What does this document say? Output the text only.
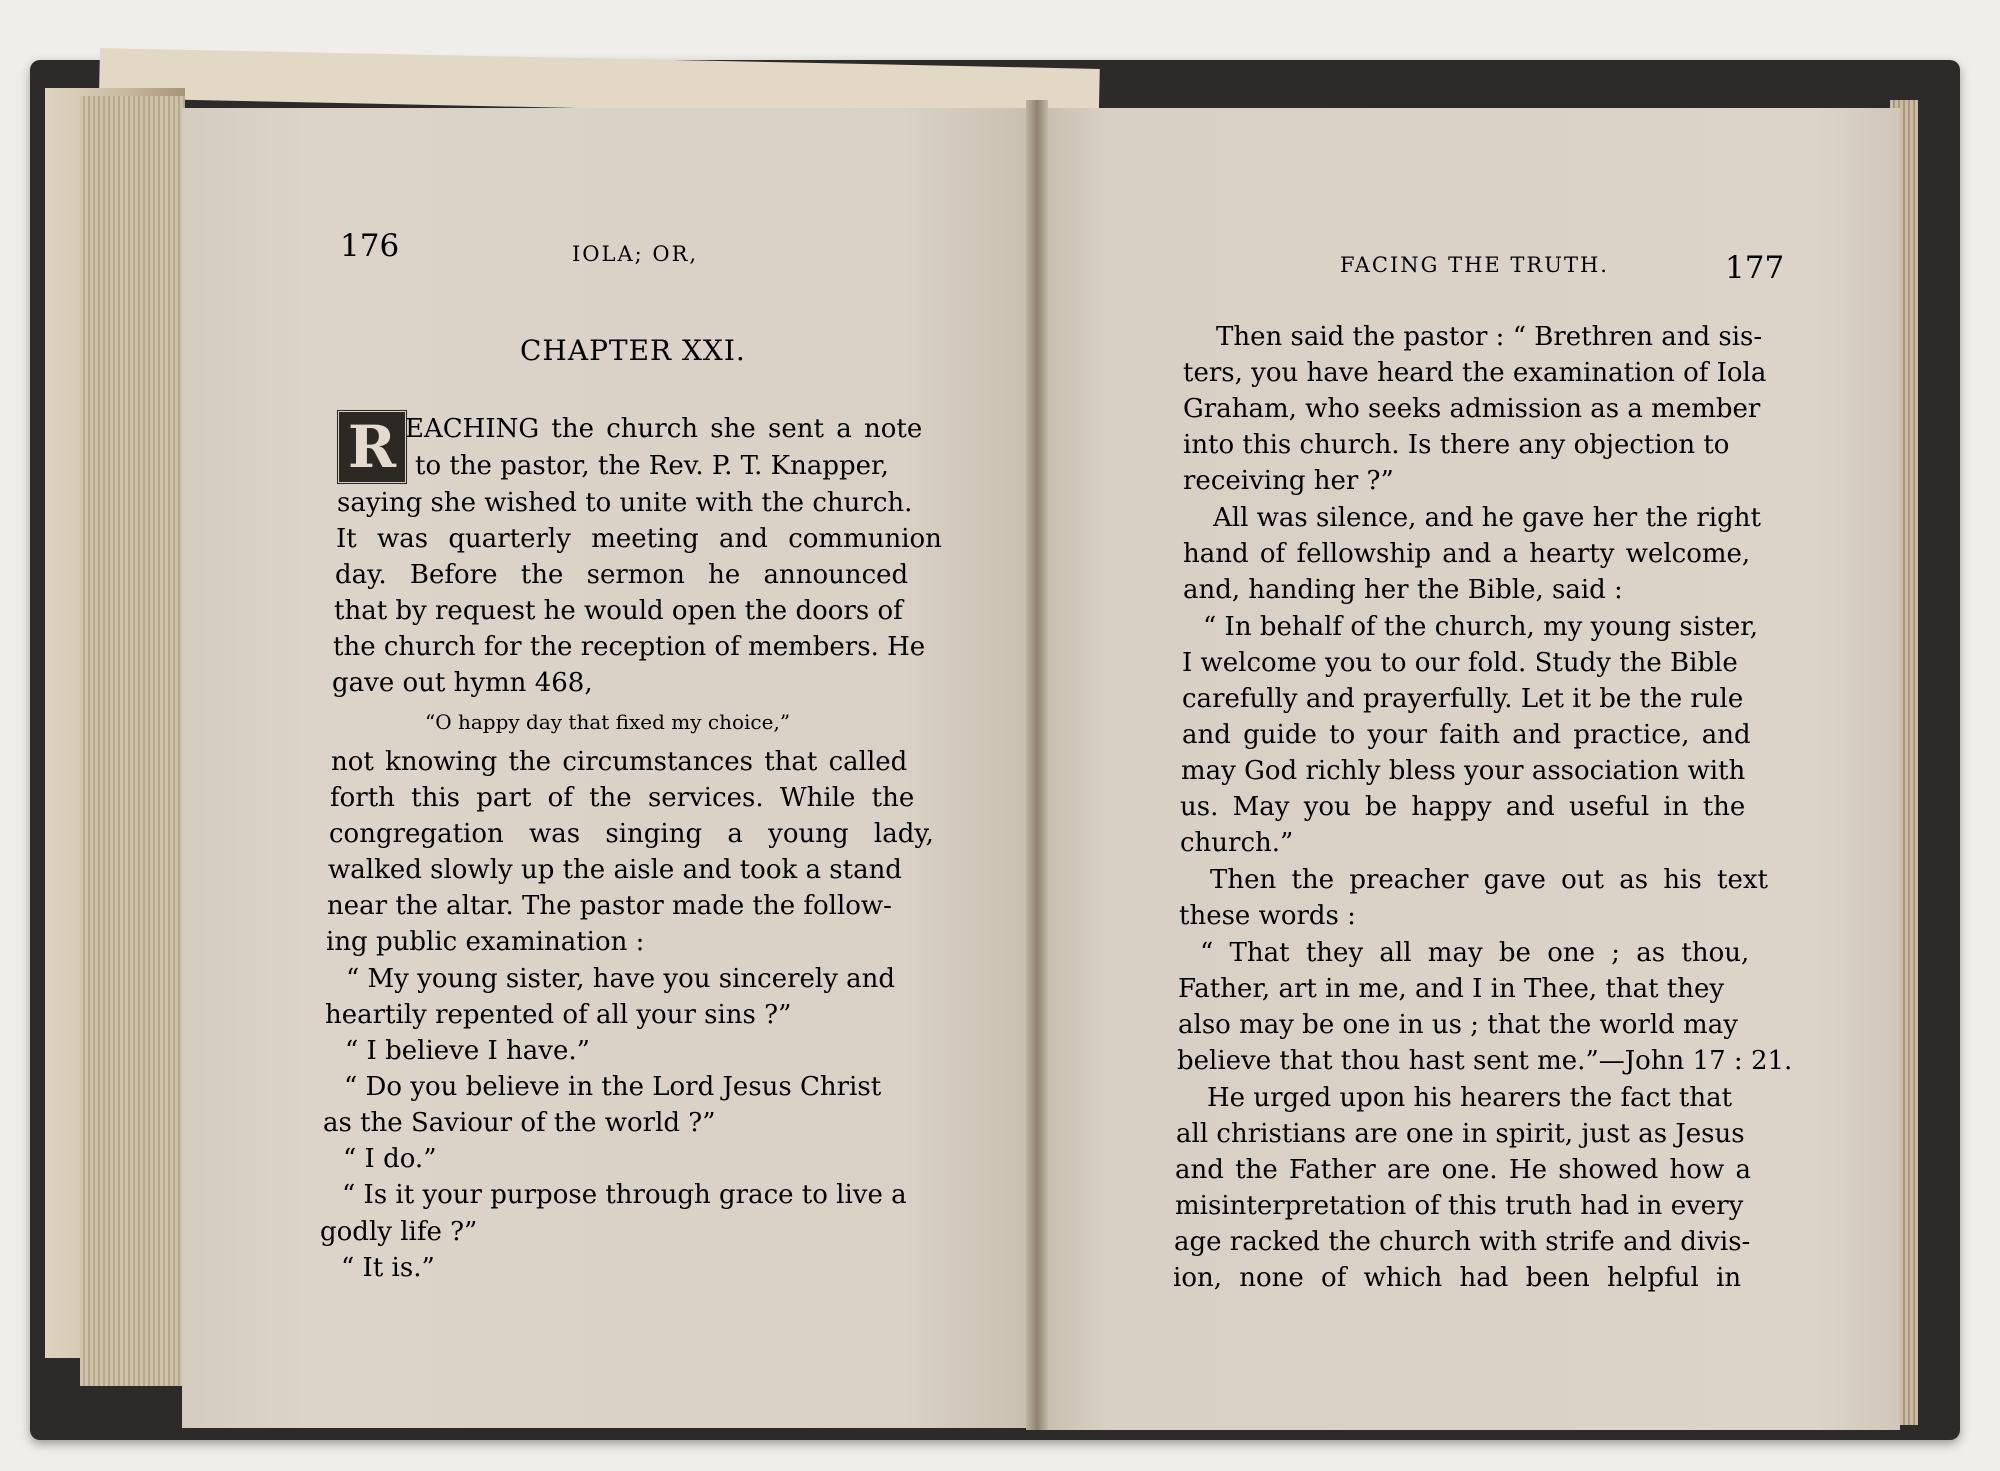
176	IOLA; OR,
CHAPTER XXI.
R EACHING the church she sent a note
to the pastor, the Rev. P. T. Knapper,
saying she wished to unite with the church.
It was quarterly meeting and communion
day. Before the sermon he announced
that by request he would open the doors of
the church for the reception of members. He
gave out hymn 468,
“O happy day that fixed my choice,”
not knowing the circumstances that called
forth this part of the services. While the
congregation was singing a young lady,
walked slowly up the aisle and took a stand
near the altar. The pastor made the follow-
ing public examination :
“ My young sister, have you sincerely and
heartily repented of all your sins ?”
“ I believe I have.”
“ Do you believe in the Lord Jesus Christ
as the Saviour of the world ?”
“ I do.”
“ Is it your purpose through grace to live a
godly life ?”
“ It is.”
FACING THE TRUTH.	177
Then said the pastor : “ Brethren and sis-
ters, you have heard the examination of Iola
Graham, who seeks admission as a member
into this church. Is there any objection to
receiving her ?”
All was silence, and he gave her the right
hand of fellowship and a hearty welcome,
and, handing her the Bible, said :
“ In behalf of the church, my young sister,
I welcome you to our fold. Study the Bible
carefully and prayerfully. Let it be the rule
and guide to your faith and practice, and
may God richly bless your association with
us. May you be happy and useful in the
church.”
Then the preacher gave out as his text
these words :
“ That they all may be one ; as thou,
Father, art in me, and I in Thee, that they
also may be one in us ; that the world may
believe that thou hast sent me.”—John 17 : 21.
He urged upon his hearers the fact that
all christians are one in spirit, just as Jesus
and the Father are one. He showed how a
misinterpretation of this truth had in every
age racked the church with strife and divis-
ion, none of which had been helpful in
